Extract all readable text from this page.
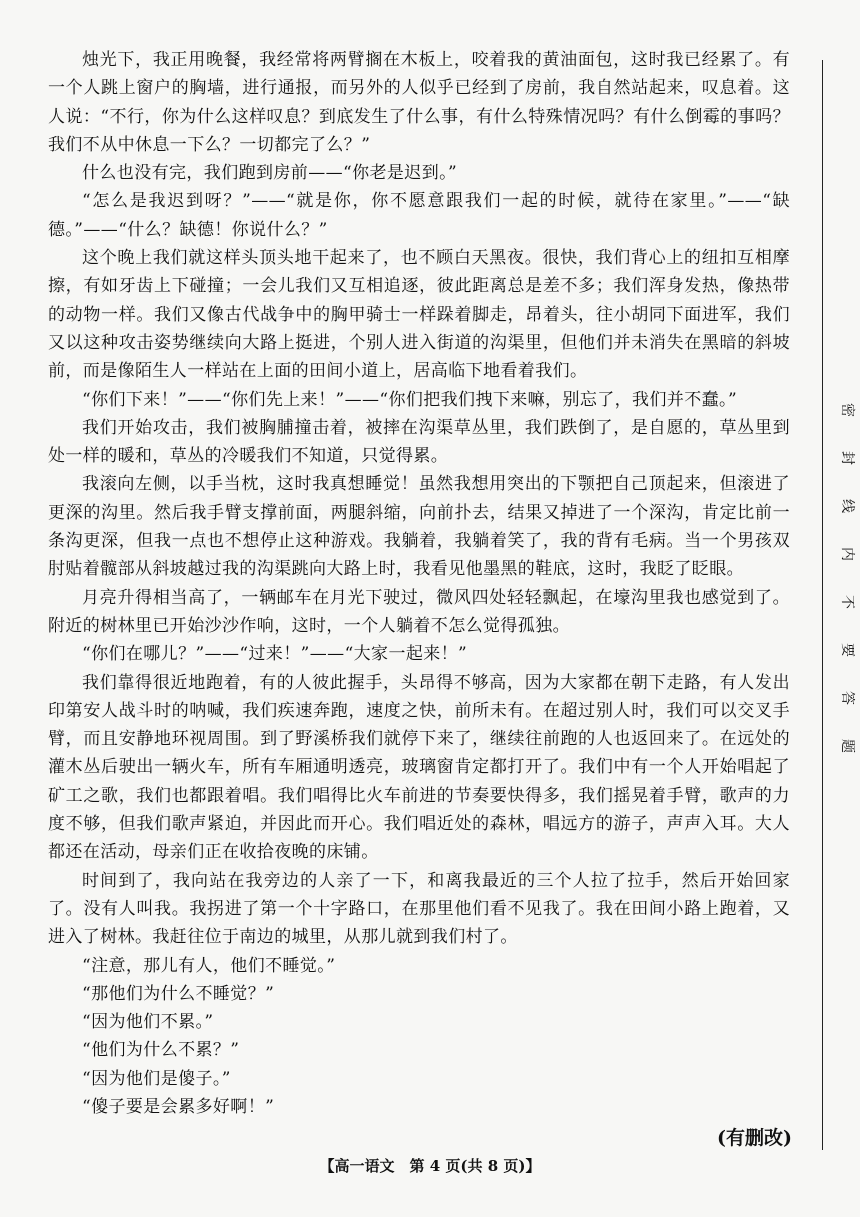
烛光下，我正用晚餐，我经常将两臂搁在木板上，咬着我的黄油面包，这时我已经累了。有一个人跳上窗户的胸墙，进行通报，而另外的人似乎已经到了房前，我自然站起来，叹息着。这人说：“不行，你为什么这样叹息？到底发生了什么事，有什么特殊情况吗？有什么倒霉的事吗？我们不从中休息一下么？一切都完了么？”

什么也没有完，我们跑到房前——“你老是迟到。”

“怎么是我迟到呀？”——“就是你，你不愿意跟我们一起的时候，就待在家里。”——“缺德。”——“什么？缺德！你说什么？”

这个晚上我们就这样头顶头地干起来了，也不顾白天黑夜。很快，我们背心上的纽扣互相摩擦，有如牙齿上下碰撞；一会儿我们又互相追逐，彼此距离总是差不多；我们浑身发热，像热带的动物一样。我们又像古代战争中的胸甲骑士一样跺着脚走，昂着头，往小胡同下面进军，我们又以这种攻击姿势继续向大路上挺进，个别人进入街道的沟渠里，但他们并未消失在黑暗的斜坡前，而是像陌生人一样站在上面的田间小道上，居高临下地看着我们。

“你们下来！”——“你们先上来！”——“你们把我们拽下来嘛，别忘了，我们并不蠢。”

我们开始攻击，我们被胸脯撞击着，被摔在沟渠草丛里，我们跌倒了，是自愿的，草丛里到处一样的暖和，草丛的冷暖我们不知道，只觉得累。

我滚向左侧，以手当枕，这时我真想睡觉！虽然我想用突出的下颚把自己顶起来，但滚进了更深的沟里。然后我手臂支撑前面，两腿斜缩，向前扑去，结果又掉进了一个深沟，肯定比前一条沟更深，但我一点也不想停止这种游戏。我躺着，我躺着笑了，我的背有毛病。当一个男孩双肘贴着髋部从斜坡越过我的沟渠跳向大路上时，我看见他墨黑的鞋底，这时，我眨了眨眼。

月亮升得相当高了，一辆邮车在月光下驶过，微风四处轻轻飘起，在壕沟里我也感觉到了。附近的树林里已开始沙沙作响，这时，一个人躺着不怎么觉得孤独。

“你们在哪儿？”——“过来！”——“大家一起来！”

我们靠得很近地跑着，有的人彼此握手，头昂得不够高，因为大家都在朝下走路，有人发出印第安人战斗时的呐喊，我们疾速奔跑，速度之快，前所未有。在超过别人时，我们可以交叉手臂，而且安静地环视周围。到了野溪桥我们就停下来了，继续往前跑的人也返回来了。在远处的灌木丛后驶出一辆火车，所有车厢通明透亮，玻璃窗肯定都打开了。我们中有一个人开始唱起了矿工之歌，我们也都跟着唱。我们唱得比火车前进的节奏要快得多，我们摇晃着手臂，歌声的力度不够，但我们歌声紧迫，并因此而开心。我们唱近处的森林，唱远方的游子，声声入耳。大人都还在活动，母亲们正在收拾夜晚的床铺。

时间到了，我向站在我旁边的人亲了一下，和离我最近的三个人拉了拉手，然后开始回家了。没有人叫我。我拐进了第一个十字路口，在那里他们看不见我了。我在田间小路上跑着，又进入了树林。我赶往位于南边的城里，从那儿就到我们村了。

“注意，那儿有人，他们不睡觉。”

“那他们为什么不睡觉？”

“因为他们不累。”

“他们为什么不累？”

“因为他们是傻子。”

“傻子要是会累多好啊！”

(有删改)
【高一语文　第 4 页(共 8 页)】
密
封
线
内
不
要
答
题
